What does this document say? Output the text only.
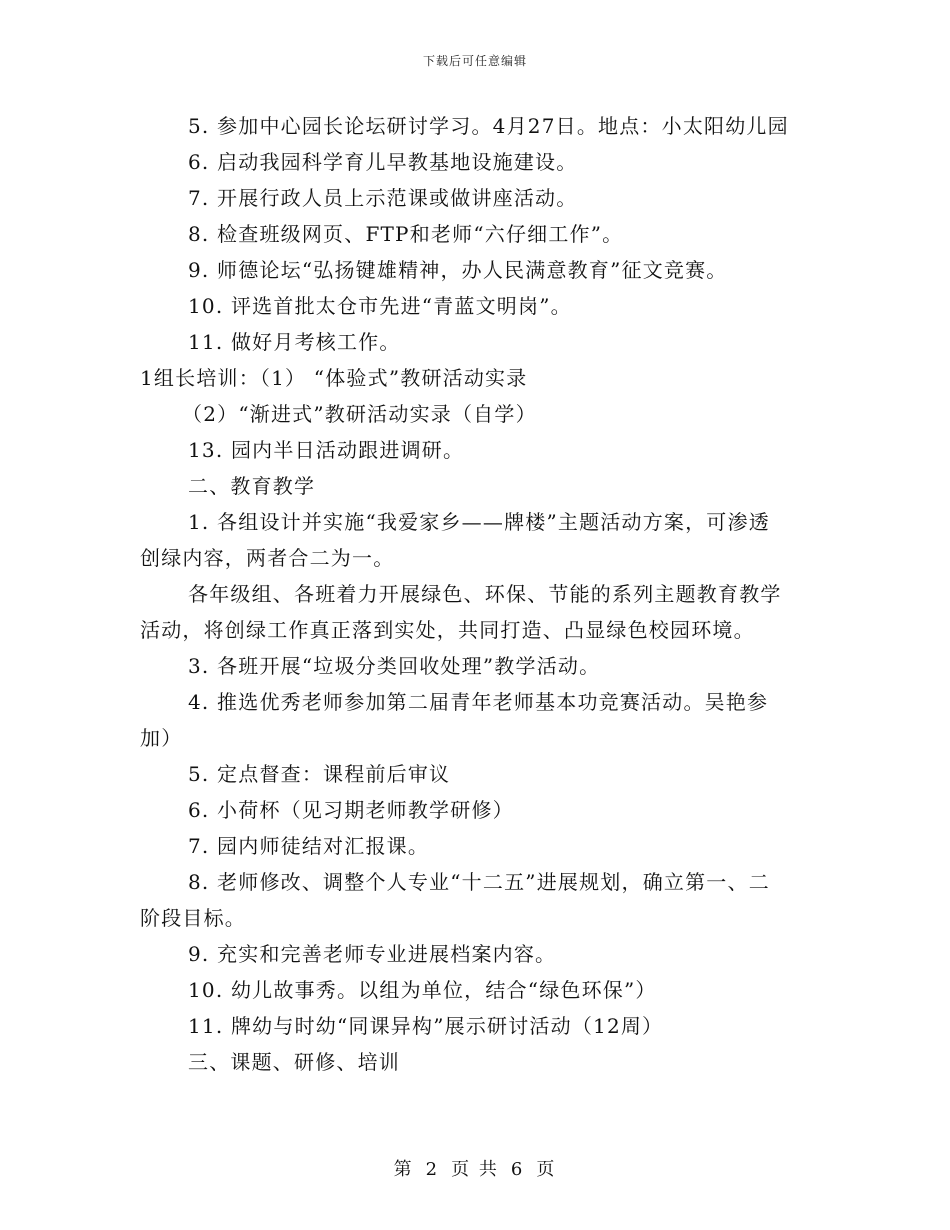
下载后可任意编辑
5. 参加中心园长论坛研讨学习。4月27日。地点：小太阳幼儿园
6. 启动我园科学育儿早教基地设施建设。
7. 开展行政人员上示范课或做讲座活动。
8. 检查班级网页、FTP和老师“六仔细工作”。
9. 师德论坛“弘扬键雄精神，办人民满意教育”征文竞赛。
10. 评选首批太仓市先进“青蓝文明岗”。
11. 做好月考核工作。
1组长培训：（1） “体验式”教研活动实录
（2）“渐进式”教研活动实录（自学）
13. 园内半日活动跟进调研。
二、教育教学
1. 各组设计并实施“我爱家乡——牌楼”主题活动方案，可渗透
创绿内容，两者合二为一。
各年级组、各班着力开展绿色、环保、节能的系列主题教育教学
活动，将创绿工作真正落到实处，共同打造、凸显绿色校园环境。
3. 各班开展“垃圾分类回收处理”教学活动。
4. 推选优秀老师参加第二届青年老师基本功竞赛活动。吴艳参
加）
5. 定点督查：课程前后审议
6. 小荷杯（见习期老师教学研修）
7. 园内师徒结对汇报课。
8. 老师修改、调整个人专业“十二五”进展规划，确立第一、二
阶段目标。
9. 充实和完善老师专业进展档案内容。
10. 幼儿故事秀。以组为单位，结合“绿色环保”）
11. 牌幼与时幼“同课异构”展示研讨活动（12周）
三、课题、研修、培训
第 2 页 共 6 页
